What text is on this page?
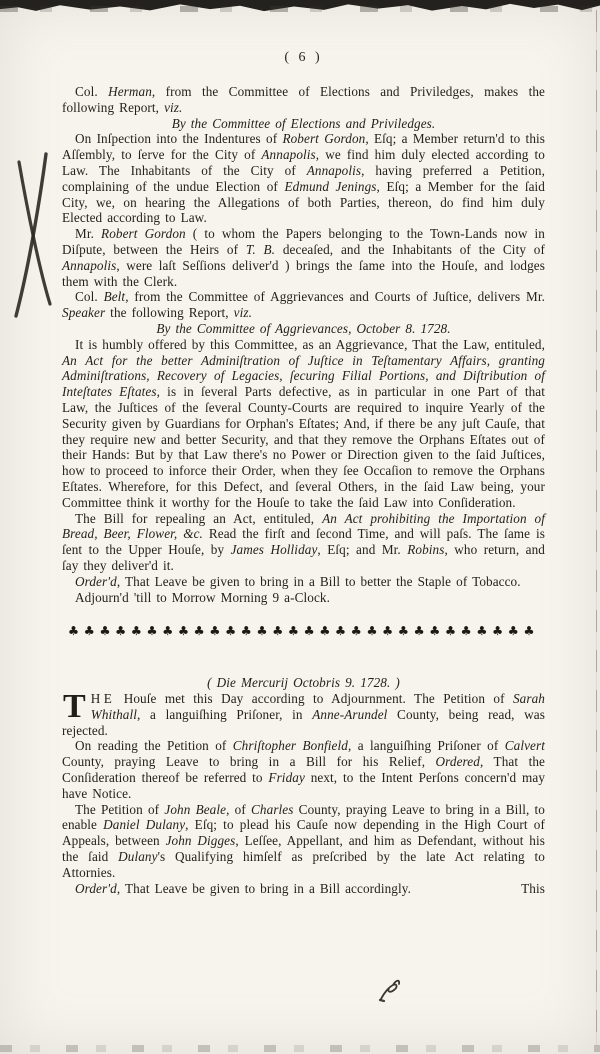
( 6 )

Col. Herman, from the Committee of Elections and Priviledges, makes the following Report, viz.

By the Committee of Elections and Priviledges.

On Inſpection into the Indentures of Robert Gordon, Eſq; a Member return'd to this Aſſembly, to ſerve for the City of Annapolis, we find him duly elected according to Law. The Inhabitants of the City of Annapolis, having preferred a Petition, complaining of the undue Election of Edmund Jenings, Eſq; a Member for the ſaid City, we, on hearing the Allegations of both Parties, thereon, do find him duly Elected according to Law.

Mr. Robert Gordon ( to whom the Papers belonging to the Town-Lands now in Diſpute, between the Heirs of T. B. deceaſed, and the Inhabitants of the City of Annapolis, were laſt Seſſions deliver'd ) brings the ſame into the Houſe, and lodges them with the Clerk.

Col. Belt, from the Committee of Aggrievances and Courts of Juſtice, delivers Mr. Speaker the following Report, viz.

By the Committee of Aggrievances, October 8. 1728.

It is humbly offered by this Committee, as an Aggrievance, That the Law, entituled, An Act for the better Adminiſtration of Juſtice in Teſtamentary Affairs, granting Adminiſtrations, Recovery of Legacies, ſecuring Filial Portions, and Diſtribution of Inteſtates Eſtates, is in ſeveral Parts defective, as in particular in one Part of that Law, the Juſtices of the ſeveral County-Courts are required to inquire Yearly of the Security given by Guardians for Orphan's Eſtates; And, if there be any juſt Cauſe, that they require new and better Security, and that they remove the Orphans Eſtates out of their Hands: But by that Law there's no Power or Direction given to the ſaid Juſtices, how to proceed to inforce their Order, when they ſee Occaſion to remove the Orphans Eſtates. Wherefore, for this Defect, and ſeveral Others, in the ſaid Law being, your Committee think it worthy for the Houſe to take the ſaid Law into Conſideration.

The Bill for repealing an Act, entituled, An Act prohibiting the Importation of Bread, Beer, Flower, &c. Read the firſt and ſecond Time, and will paſs. The ſame is ſent to the Upper Houſe, by James Holliday, Eſq; and Mr. Robins, who return, and ſay they deliver'd it.

Order'd, That Leave be given to bring in a Bill to better the Staple of Tobacco.

Adjourn'd 'till to Morrow Morning 9 a-Clock.

♣♣♣♣♣♣♣♣♣♣♣♣♣♣♣♣♣♣♣♣♣♣♣♣♣♣♣♣♣♣

( Die Mercurij Octobris 9. 1728. )

THE Houſe met this Day according to Adjournment. The Petition of Sarah Whithall, a languiſhing Priſoner, in Anne-Arundel County, being read, was rejected.

On reading the Petition of Chriſtopher Bonfield, a languiſhing Priſoner of Calvert County, praying Leave to bring in a Bill for his Relief, Ordered, That the Conſideration thereof be referred to Friday next, to the Intent Perſons concern'd may have Notice.

The Petition of John Beale, of Charles County, praying Leave to bring in a Bill, to enable Daniel Dulany, Eſq; to plead his Cauſe now depending in the High Court of Appeals, between John Digges, Leſſee, Appellant, and him as Defendant, without his the ſaid Dulany's Qualifying himſelf as preſcribed by the late Act relating to Attornies.

Order'd, That Leave be given to bring in a Bill accordingly.	This
